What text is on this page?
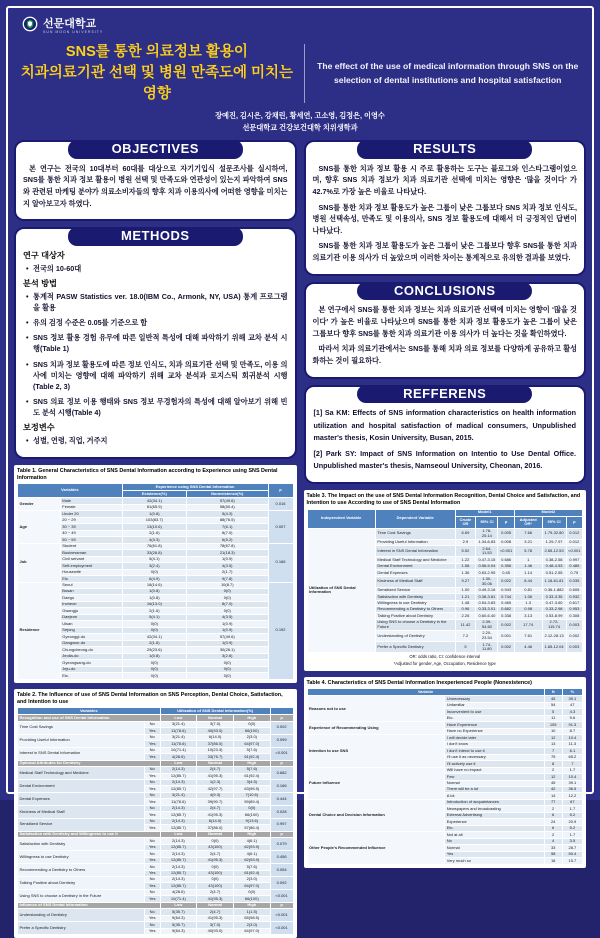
선문대학교
SUN MOON UNIVERSITY
SNS를 통한 의료정보 활용이
치과의료기관 선택 및 병원 만족도에 미치는 영향
The effect of the use of medical information through SNS on the selection of dental institutions and hospital satisfaction
장예진, 김시은, 강채린, 황세연, 고소영, 김정은, 이영수
선문대학교 건강보건대학 치위생학과
OBJECTIVES

본 연구는 전국의 10대부터 60대를 대상으로 자기기입식 설문조사를 실시하여, SNS를 통한 치과 정보 활용이 병원 선택 및 만족도와 연관성이 있는지 파악하여 SNS와 관련된 마케팅 분야가 의료소비자들의 향후 치과 이용의사에 어떠한 영향을 미치는지 알아보고자 하였다.

METHODS
연구 대상자
• 전국의 10-60대
분석 방법
• 통계적 PASW Statistics ver. 18.0(IBM Co., Armonk, NY, USA) 통계 프로그램을 활용
• 유의 검정 수준은 0.05를 기준으로 함
• SNS 정보 활용 경험 유무에 따른 일반적 특성에 대해 파악하기 위해 교차 분석 시행(Table 1)
• SNS 치과 정보 활용도에 따른 정보 인식도, 치과 의료기관 선택 및 만족도, 이용 의사에 미치는 영향에 대해 파악하기 위해 교차 분석과 로지스틱 회귀분석 시행(Table 2, 3)
• SNS 의료 정보 이용 행태와 SNS 정보 무경험자의 특성에 대해 알아보기 위해 빈도 분석 시행(Table 4)
보정변수
• 성별, 연령, 직업, 거주지
Table 1. General Characteristics of SNS Dental Information according to Experience using SNS Dental Information
Variables		Experience using SNS Dental Information		p
		Existence(%)	Nonexistence(%)	
Gender	Male	42(34.1)	57(49.6)	0.016
	Female	81(65.9)	58(50.4)	
Age	Under 20	1(0.8)	5(4.3)	0.007
	20 ~ 29	103(83.7)	88(76.5)	
	30 ~ 39	13(10.6)	7(6.1)	
	40 ~ 49	2(1.6)	8(7.0)	
	50 ~ 59	4(3.3)	6(5.2)	
Job	Student	76(61.8)	78(67.8)	0.166
	Businessman	33(26.8)	21(18.3)	
	Civil servant	5(4.1)	1(0.9)	
	Self-employment	3(2.4)	4(3.5)	
	Housewife	0(0)	2(1.7)	
	Etc.	6(4.9)	9(7.8)	
Residence	Seoul	18(14.6)	10(8.7)	0.192
	Busan	1(0.8)	0(0)	
	Daegu	1(0.8)	0(0)	
	Incheon	16(13.0)	8(7.0)	
	Gwangju	2(1.6)	0(0)	
	Daejeon	5(4.1)	4(3.5)	
	Ulsan	0(0)	1(0.9)	
	Sejong	0(0)	1(0.9)	
	Gyeonggi-do	42(34.1)	57(49.6)	
	Gangwon-do	2(1.6)	1(0.9)	
	Chungcheong-do	29(23.6)	30(26.1)	
	Jeolla-do	1(0.8)	3(2.6)	
	Gyeongsang-do	0(0)	0(0)	
	Jeju-do	0(0)	0(0)	
	Etc.	0(0)	0(0)	
Table 2. The Influence of use of SNS Dental Information on SNS Perception, Dental Choice, Satisfaction, and Intention to use
Variables		Utilization of SNS Dental Information(%)			
Recognition and use of SNS Dental Information		Low	Normal	High	p
Time Cost Savings	No	3(21.4)	3(7.0)	0(0)	0.002
	Yes	11(78.6)	40(93.0)	66(100)	
Providing Useful Information	No	3(21.4)	6(14.0)	2(3.0)	0.099
	Yes	11(78.6)	37(86.0)	64(97.0)	
Interest in SNS Dental Information	No	10(71.4)	10(23.3)	5(7.6)	<0.001
	Yes	4(28.6)	33(76.7)	61(92.4)	
Optional Attributes for Dentistry		Low	Normal	High	p
Medical Staff Technology and Medicine	No	2(14.3)	2(4.7)	5(7.6)	0.682
	Yes	12(85.7)	41(95.3)	61(92.4)	
Dental Environment	No	2(14.3)	1(2.3)	3(4.5)	0.166
	Yes	12(85.7)	42(97.7)	63(95.5)	
Dental Expenses	No	3(21.4)	4(9.3)	7(10.6)	0.444
	Yes	11(78.6)	39(90.7)	59(89.4)	
Kindness of Medical Staff	No	2(14.3)	2(4.7)	0(0)	0.028
	Yes	12(85.7)	41(95.3)	66(100)	
Sensitized Service	No	2(14.3)	6(14.0)	9(13.6)	0.997
	Yes	12(85.7)	37(86.0)	57(86.4)	
Satisfaction with Dentistry and Willingness to use it		Low	Normal	High	p
Satisfaction with Dentistry	No	2(14.3)	0(0)	4(6.1)	0.079
	Yes	12(85.7)	43(100)	62(93.9)	
Willingness to use Dentistry	No	2(14.3)	2(4.7)	4(6.1)	0.456
	Yes	12(85.7)	41(95.3)	62(93.9)	
Recommending a Dentistry to Others	No	2(14.3)	0(0)	5(7.6)	0.054
	Yes	12(85.7)	43(100)	61(92.4)	
Talking Positive about Dentistry	No	2(14.3)	0(0)	2(3.0)	0.092
	Yes	12(85.7)	43(100)	64(97.0)	
Using SNS to choose a Dentistry in the Future	No	4(28.6)	2(4.7)	0(0)	<0.001
	Yes	10(71.4)	41(95.3)	66(100)	
Influence of SNS Dental Information		Low	Normal	High	p
Understanding of Dentistry	No	5(35.7)	2(4.7)	1(1.5)	<0.001
	Yes	9(64.3)	41(95.3)	65(98.5)	
Prefer a Specific Dentistry	No	5(35.7)	3(7.0)	2(3.0)	<0.001
	Yes	9(64.3)	40(93.0)	64(97.0)	
RESULTS

SNS를 통한 치과 정보 활용 시 주로 활용하는 도구는 블로그와 인스타그램이었으며, 향후 SNS 치과 정보가 치과 의료기관 선택에 미치는 영향은 ‘많을 것이다’ 가 42.7%로 가장 높은 비율로 나타났다.

SNS를 통한 치과 정보 활용도가 높은 그룹이 낮은 그룹보다 SNS 치과 정보 인식도, 병원 선택속성, 만족도 및 이용의사, SNS 정보 활용도에 대해서 더 긍정적인 답변이 나타났다.

SNS를 통한 치과 정보 활용도가 높은 그룹이 낮은 그룹보다 향후 SNS를 통한 치과 의료기관 이용 의사가 더 높았으며 이러한 차이는 통계적으로 유의한 결과를 보였다.

CONCLUSIONS

본 연구에서 SNS를 통한 치과 정보는 치과 의료기관 선택에 미치는 영향이 ‘많을 것이다’ 가 높은 비율로 나타났으며 SNS를 통한 치과 정보 활용도가 높은 그룹이 낮은 그룹보다 향후 SNS를 통한 치과 의료기관 이용 의사가 더 높다는 것을 확인하였다.

따라서 치과 의료기관에서는 SNS를 통해 치과 의료 정보를 다양하게 공유하고 활성화하는 것이 필요하다.

REFFERENS
[1] Sa KM: Effects of SNS information characteristics on health information utilization and hospital satisfaction of madical consumers, Unpublished master's thesis, Kosin University, Busan, 2015.
[2] Park SY: Impact of SNS Information on Intentio to Use Dental Office. Unpublished master's thesis, Namseoul University, Cheonan, 2016.
Table 3. The Impact on the use of SNS Dental Information Recognition, Dental Choice and Satisfaction, and Intention to use According to use of SNS Dental Information
Independent Variable	Dependent Variable	Model1			Model2		
		Crude OR	95% CI	p	Adjusted OR*	95% CI	p
Utilization of SNS Dental Information	Time Cost Savings	6.69	1.78-25.14	0.005	7.66	1.79-32.80	0.012
	Providing Useful Information	2.9	1.34-6.83	0.008	3.21	1.29-7.97	0.012
	Interest in SNS Dental Information	5.52	2.64-11.53	<0.001	5.78	2.65-12.53	<0.001
	Medical Staff Technology and Medicine	1.22	0.47-3.15	0.686	1	0.38-2.58	0.997
	Dental Environment	1.58	0.56-5.04	0.356	1.46	0.48-4.53	0.485
	Dental Expenses	1.36	0.63-2.95	0.45	1.14	0.51-2.55	0.75
	Kindness of Medical Staff	9.27	1.30-30.06	0.022	8.44	1.18-61.81	0.035
	Sensitized Service	1.00	0.49-3.16	0.943	0.81	0.36-1.882	0.605
	Satisfaction with Dentistry	1.21	0.38-3.81	0.744	1.06	0.33-3.35	0.932
	Willingness to use Dentistry	1.48	0.54-3.83	0.465	1.3	0.47-3.60	0.617
	Recommending a Dentistry to Others	0.96	0.33-3.01	0.682	0.98	0.33-2.98	0.953
	Talking Positive about Dentistry	2.26	0.60-6.40	0.338	3.13	0.53-8.99	0.308
	Using SNS to choose a Dentistry in the Future	11.42	2.39-54.60	0.002	17.74	2.72-115.74	0.003
	Understanding of Dentistry	7.2	2.20-23.54	0.001	7.61	2.12-28.13	0.002
	Prefer a Specific Dentistry	5	1.74-11.80	0.002	4.46	1.65-12.04	0.003
OR: odds ratio, CI: confidence interval
*Adjusted for gender, Age, Occupation, Residence type
Table 4. Characteristics of SNS Dental Information Inexperienced People (Nonexistence)
Variable		N	%
Reasons not to use	Unnecessary	45	39.1
	Unfamiliar	54	47
	Inconvenient to use	5	4.3
	Etc.	11	9.6
Experience of Recommending Using	Have Experience	105	91.3
	Have no Experience	10	8.7
Intention to use SNS	I will decide later	12	10.4
	I don't know	13	11.3
	I don't intend to use it	7	6.1
	I'll use it as necessary	75	65.2
	I'll actively use it	8	7
Future Influence	Will have no impact	2	1.7
	Few	12	10.4
	Normal	45	39.1
	There will be a lot	42	36.5
	A lot	14	12.2
Dental Choice and Decision Information	Introduction of acquaintances	77	67
	Newspapers and broadcasting	2	1.7
	External Advertising	6	5.2
	Experience	24	20.9
	Etc.	6	5.2
Other People's Recommended Influence	Not at all	2	1.7
	No	4	3.5
	Normal	33	28.7
	Yes	58	50.4
	Very much so	18	15.7
